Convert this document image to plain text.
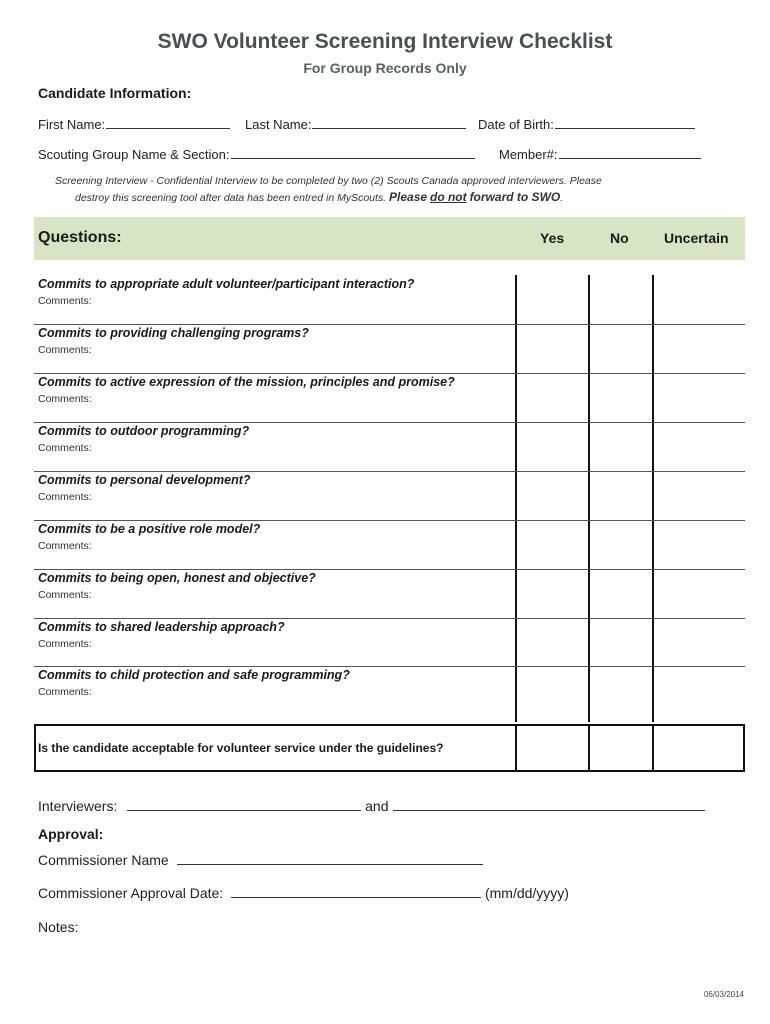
SWO Volunteer Screening Interview Checklist
For Group Records Only
Candidate Information:
First Name:	Last Name:	Date of Birth:
Scouting Group Name & Section:	Member#:
Screening Interview - Confidential Interview to be completed by two (2) Scouts Canada approved interviewers. Please
destroy this screening tool after data has been entred in MyScouts. Please do not forward to SWO.
Questions:	Yes	No	Uncertain
Commits to appropriate adult volunteer/participant interaction?
Comments:
Commits to providing challenging programs?
Comments:
Commits to active expression of the mission, principles and promise?
Comments:
Commits to outdoor programming?
Comments:
Commits to personal development?
Comments:
Commits to be a positive role model?
Comments:
Commits to being open, honest and objective?
Comments:
Commits to shared leadership approach?
Comments:
Commits to child protection and safe programming?
Comments:
Is the candidate acceptable for volunteer service under the guidelines?
Interviewers:	and
Approval:
Commissioner Name
Commissioner Approval Date:	(mm/dd/yyyy)
Notes:
06/03/2014
